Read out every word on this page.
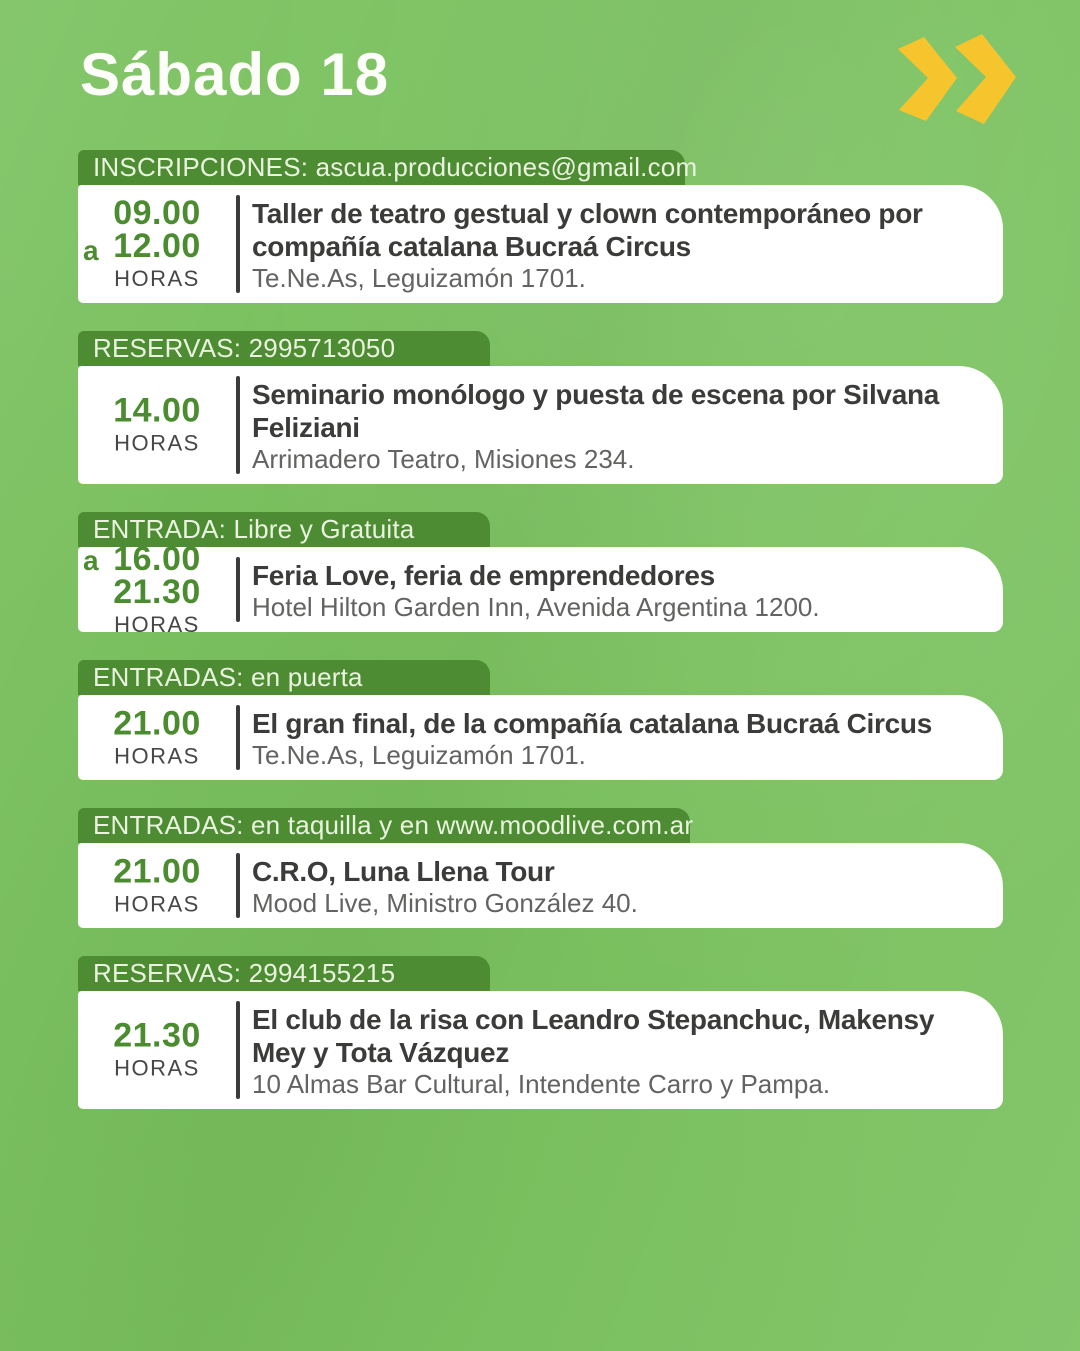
Sábado 18
INSCRIPCIONES: ascua.producciones@gmail.com
a
09.00
12.00
HORAS
Taller de teatro gestual y clown contemporáneo por compañía catalana Bucraá Circus

Te.Ne.As, Leguizamón 1701.

RESERVAS: 2995713050
14.00
HORAS
Seminario monólogo y puesta de escena por Silvana Feliziani

Arrimadero Teatro, Misiones 234.

ENTRADA: Libre y Gratuita
a 16.00
21.30
HORAS
Feria Love, feria de emprendedores

Hotel Hilton Garden Inn, Avenida Argentina 1200.

ENTRADAS: en puerta
21.00
HORAS
El gran final, de la compañía catalana Bucraá Circus

Te.Ne.As, Leguizamón 1701.

ENTRADAS: en taquilla y en www.moodlive.com.ar
21.00
HORAS
C.R.O, Luna Llena Tour

Mood Live, Ministro González 40.

RESERVAS: 2994155215
21.30
HORAS
El club de la risa con Leandro Stepanchuc, Makensy Mey y Tota Vázquez

10 Almas Bar Cultural, Intendente Carro y Pampa.
